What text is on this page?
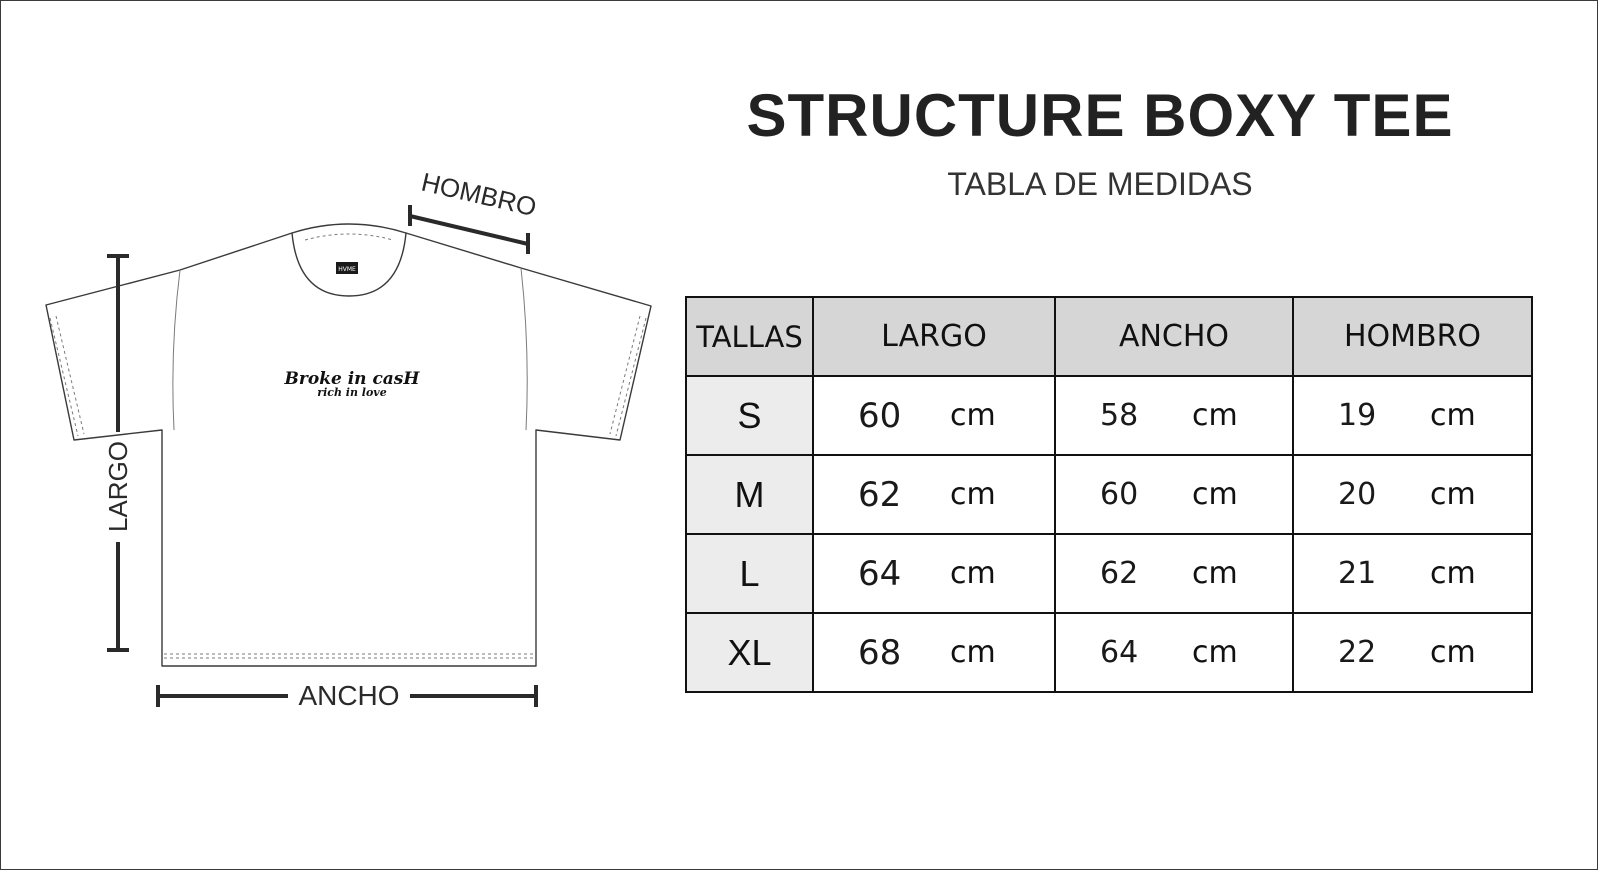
STRUCTURE BOXY TEE

TABLA DE MEDIDAS

HVME
Broke in casH
rich in love
HOMBRO
LARGO
ANCHO
TALLAS	LARGO	ANCHO	HOMBRO
S	60 cm	58 cm	19 cm

M	62 cm	60 cm	20 cm

L	64 cm	62 cm	21 cm

XL	68 cm	64 cm	22 cm
